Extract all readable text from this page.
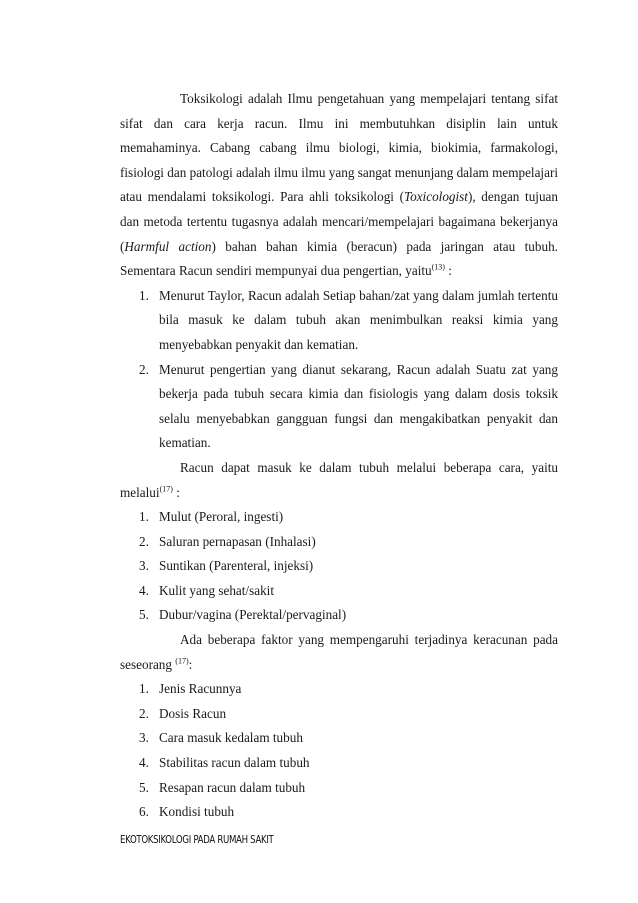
Toksikologi adalah Ilmu pengetahuan yang mempelajari tentang sifat sifat dan cara kerja racun. Ilmu ini membutuhkan disiplin lain untuk memahaminya. Cabang cabang ilmu biologi, kimia, biokimia, farmakologi, fisiologi dan patologi adalah ilmu ilmu yang sangat menunjang dalam mempelajari atau mendalami toksikologi. Para ahli toksikologi (Toxicologist), dengan tujuan dan metoda tertentu tugasnya adalah mencari/mempelajari bagaimana bekerjanya (Harmful action) bahan bahan kimia (beracun) pada jaringan atau tubuh. Sementara Racun sendiri mempunyai dua pengertian, yaitu$^{(13)}$ :

1. Menurut Taylor, Racun adalah Setiap bahan/zat yang dalam jumlah tertentu bila masuk ke dalam tubuh akan menimbulkan reaksi kimia yang menyebabkan penyakit dan kematian.
2. Menurut pengertian yang dianut sekarang, Racun adalah Suatu zat yang bekerja pada tubuh secara kimia dan fisiologis yang dalam dosis toksik selalu menyebabkan gangguan fungsi dan mengakibatkan penyakit dan kematian.

Racun dapat masuk ke dalam tubuh melalui beberapa cara, yaitu melalui$^{(17)}$ :

1. Mulut (Peroral, ingesti)
2. Saluran pernapasan (Inhalasi)
3. Suntikan (Parenteral, injeksi)
4. Kulit yang sehat/sakit
5. Dubur/vagina (Perektal/pervaginal)

Ada beberapa faktor yang mempengaruhi terjadinya keracunan pada seseorang $^{(17)}$:

1. Jenis Racunnya
2. Dosis Racun
3. Cara masuk kedalam tubuh
4. Stabilitas racun dalam tubuh
5. Resapan racun dalam tubuh
6. Kondisi tubuh
EKOTOKSIKOLOGI PADA RUMAH SAKIT
